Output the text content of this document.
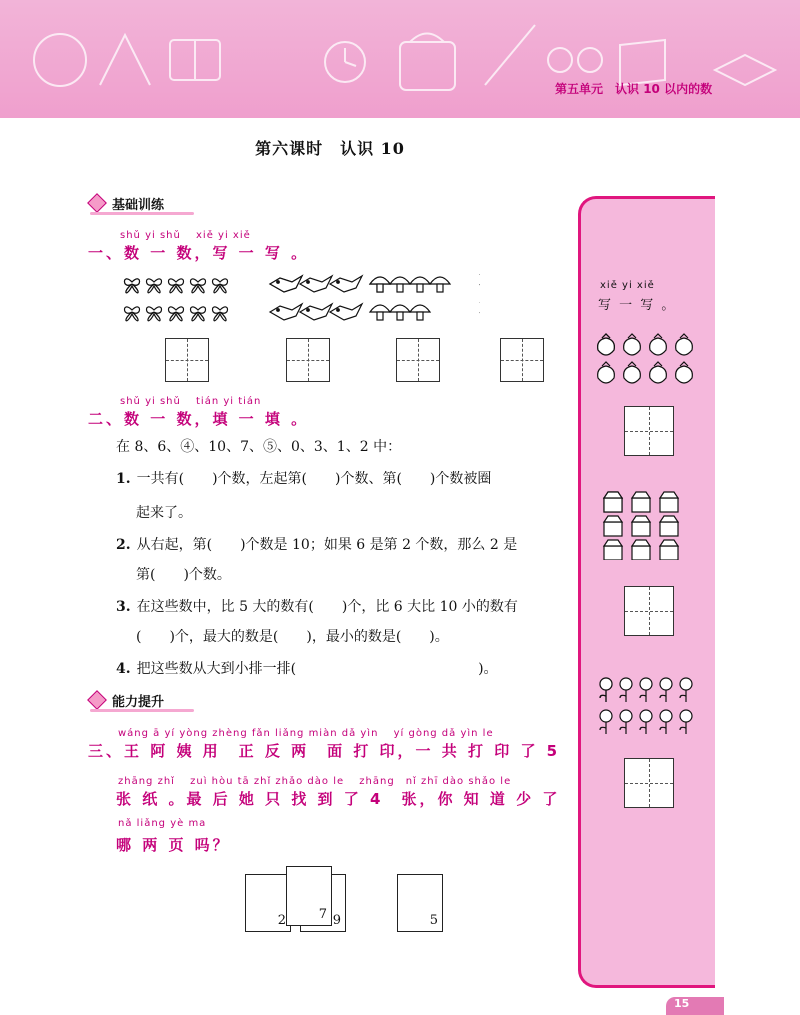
第五单元 认识 10 以内的数
第六课时　认识 10
基础训练
shǔ yi shǔ　 xiě yi xiě
一、数 一 数，写 一 写 。
shǔ yi shǔ　 tián yi tián
二、数 一 数，填 一 填 。
在 8、6、④、10、7、⑤、0、3、1、2 中：
1. 一共有(　　)个数，左起第(　　)个数、第(　　)个数被圈
起来了。
2. 从右起，第(　　)个数是 10；如果 6 是第 2 个数，那么 2 是
第(　　)个数。
3. 在这些数中，比 5 大的数有(　　)个，比 6 大比 10 小的数有
(　　)个，最大的数是(　　)，最小的数是(　　)。
4. 把这些数从大到小排一排(　　　　　　　　　　　　　)。
能力提升
wáng ā yí yòng zhèng fǎn liǎng miàn dǎ yìn　 yí gòng dǎ yìn le
三、王 阿 姨 用　正 反 两　面 打 印，一 共 打 印 了 5
zhāng zhǐ　 zuì hòu tā zhǐ zhǎo dào le　 zhāng　nǐ zhī dào shǎo le
张 纸 。最 后 她 只 找 到 了 4　张，你 知 道 少 了
nǎ liǎng yè ma
哪 两 页 吗？
2	9
7	5
xiě yi xiě
写 一 写 。
15
